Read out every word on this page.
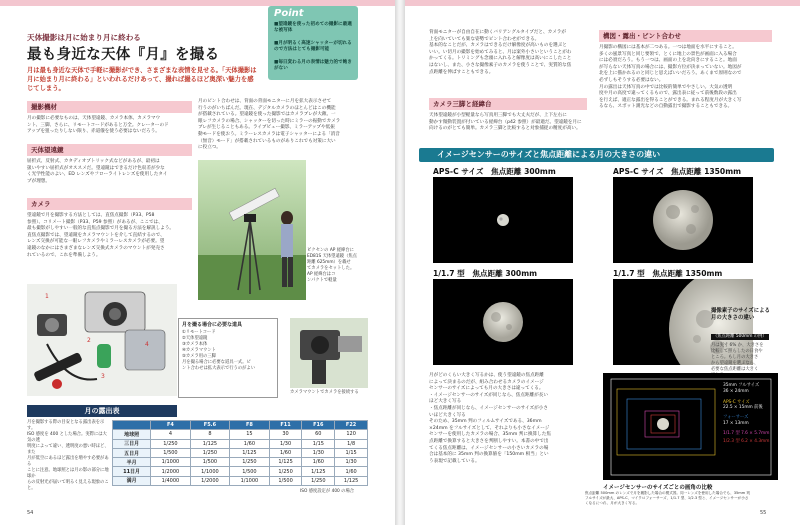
天体撮影は月に始まり月に終わる
最も身近な天体『月』を撮る
月は最も身近な天体で手軽に撮影ができ、さまざまな表情を見せる。「天体撮影は
月に始まり月に終わる」といわれるだけあって、撮れば撮るほど奥深い魅力を感
じてしまう。
Point
■望遠鏡を使った初めての撮影に最適な被写体
■月が明るく高速シャッターが切れるので方法はとても撮影可能
■毎日変わる月の表情は魅力的で飽きがない
撮影機材
月の撮影に必要なものは、天体望遠鏡、カメラ本体、カメラマウ
ント、三脚、さらに、リモートコードがあると万全。クレーターのド
アップを狙ったりしない限り、赤道儀を使う必要はないだろう。
天体望遠鏡
屈折式、反射式、カタディオプトリック式などがあるが、最初は
扱いやすい屈折式がオススメだ。望遠鏡はできるだけ色収差が少な
く光学性能のよい、ED レンズやフローライトレンズを使用したタイ
プが理想。
カメラ
望遠鏡で月を撮影する方法としては、直焦点撮影（P33、P58
参照）、コリメート撮影（P33、P59 参照）があるが、ここでは、
最も撮影がしやすい一般的な直焦点撮影で月を撮る方法を解説しよう。
直焦点撮影では、望遠鏡をカメラマウントを介して直結するので、
レンズ交換が可能な一眼レフカメラやミラーレスカメラが必要。望
遠鏡のなかにはさまざまなレンズ交換式カメラのマウントが発売さ
れているので、これを準備しよう。
月のピント合わせは、背面の背面モニターに月を拡大表示させて
行うのがいちばんだ。現在、デジタルカメラのほとんどはこの機能
が搭載されている。望遠鏡を使った撮影ではカメラブレが大敵。一
眼レフカメラの場合、シャッターを切った時にミラーの振動でカメラ
ブレが生じることもある。ライブビュー撮影、ミラーアップや低振
動モードを使おう。ミラーレスカメラは電子シャッターによる「消音
（無音）モード」が搭載されているものがありこれでも対策に大い
に役立つ。
ビクセンの AP 経緯台に
ED81S 天体望遠鏡（焦点
距離 625mm）を載せ
てカメラをセットした。
AP 経緯台はコ
ンパクトで軽量
1
2
3
4
月を撮る場合に必要な道具
①リモートコード
②天体望遠鏡
③カメラ本体
④カメラマウント
⑤カメラ用の三脚
月を撮る場合に必要な道具一式。ピ
ント合わせは拡大表示で行うのがよい
カメラマウントでカメラを接続する
月の露出表
月を撮影する際の目安となる露出表を示す。
ISO 感度を 400 とした場合。実際には大気の透
明度によって違い、透明度の悪い時ほど、また
月が低空にあるほど露出を増やす必要がある
ことに注意。地球照とは月の影の部分に地球か
らの反射光が届いて明るく見える現象のこと。
	F4	F5.6	F8	F11	F16	F22
地球照	4	8	15	30	60	120
三日月	1/250	1/125	1/60	1/30	1/15	1/8
五日月	1/500	1/250	1/125	1/60	1/30	1/15
半月	1/1000	1/500	1/250	1/125	1/60	1/30
11日月	1/2000	1/1000	1/500	1/250	1/125	1/60
満月	1/4000	1/2000	1/1000	1/500	1/250	1/125
ISO 感度設定が 400 の場合
54
背面モニターが自由自在に動くバリアングルタイプだと、カメラが
上を向いていても楽な姿勢でピント合わせができる。
基本的なことだが、カメラはできるだけ解像度が高いものを選ぶと
いい。い切月の撮影を始めてみると、月は案外小さいということがわ
かってくる。トリミングも念頭に入れると解像度は高いにこしたこと
はないし、また、小さな撮像素子のカメラを使うことで、実質的な焦
点距離を伸ばすこともできる。
カメラ三脚と経緯台
天体望遠鏡が小型軽量なら写真用三脚でも大丈夫だが、上下左右に
動かす微動装置が付いている経緯台（p42 参照）が最適だ。望遠鏡を月に
向けるのがとても簡単。カメラ三脚と比較すると対象捕捉の精度が高い。
構図・露出・ピント合わせ
月撮影の構図には基本が二つある。一つは地面を水平にすること。
多くの風景写真と同じ要領で、とくに地上の景色が画面に入る場合
には必須だろう。もう一つは、画面の上を北向きにすること。地面
が写らない天体写真の場合には、撮影方位が決まっていない。地図が
北を上に描かれるのと同じと思えばいいだろう。あくまで原則なので
必ずしもそうする必要はない。
月の露出は天体写真の中では比較的簡単でやさしい。大気の透明
度や月の高度で違ってくるもので、露出表に従って前後数段の露出
を行えば、適正な露出を得ることができる。まれる程度月が大きく写
るなら、スポット測光などの自動露出で撮影することもできる。
イメージセンサーのサイズと焦点距離による月の大きさの違い
APS-C サイズ　焦点距離 300mm	APS-C サイズ　焦点距離 1350mm
1/1.7 型　焦点距離 300mm	1/1.7 型　焦点距離 1350mm
撮像素子のサイズによる
月の大きさの違い
（焦点距離 500mm の例）
月は実寸 6% か、大きさを
比較して照らしたの日食や
ところ。もし月の大きさ
から望遠鏡を選ぶなら、
必要な焦点距離は大きく
月がどのくらい大きく写るかは、使う望遠鏡の焦点距離
によって決まるのだが、組み合わせるカメラのイメージ
センサーのサイズによっても月の大きさは違ってくる。
・イメージセンサーのサイズが同じなら、焦点距離が長い
ほど大きく写る
・焦点距離が同じなら、イメージセンサーのサイズが小さ
いほど大きく写る
そのため、35mm 判のフィルムサイズである、36mm
×24mm をフルサイズとして、それよりも小さなイメージ
センサーを使用したカメラの場合、35mm 判に換算した焦
点距離で換算すると大きさを判断しやすい。本書の中で出
てくる焦点距離は、イメージセンサーの小さいカメラの場
合は基本的に 35mm 判の換算値を「150mm 相当」とい
う表現で記載している。
35mm フルサイズ
36 × 24mm
APS-C サイズ
22.5 × 15mm 前後
フォーサーズ
17 × 13mm
1/1.7 型 7.6 × 5.7mm
1/2.3 型 6.2 × 4.3mm
イメージセンサーのサイズごとの画角の比較
焦点距離 500mm のレンズで月を撮影した場合の模式図。同一レンズを使用した場合でも、35mm 判
フルサイズが最大、APS-C、マイクロフォーサーズ、1/1.7 型、1/2.3 型と、イメージセンサーが小さ
くなるにつれ、月が大きく写る。
55
